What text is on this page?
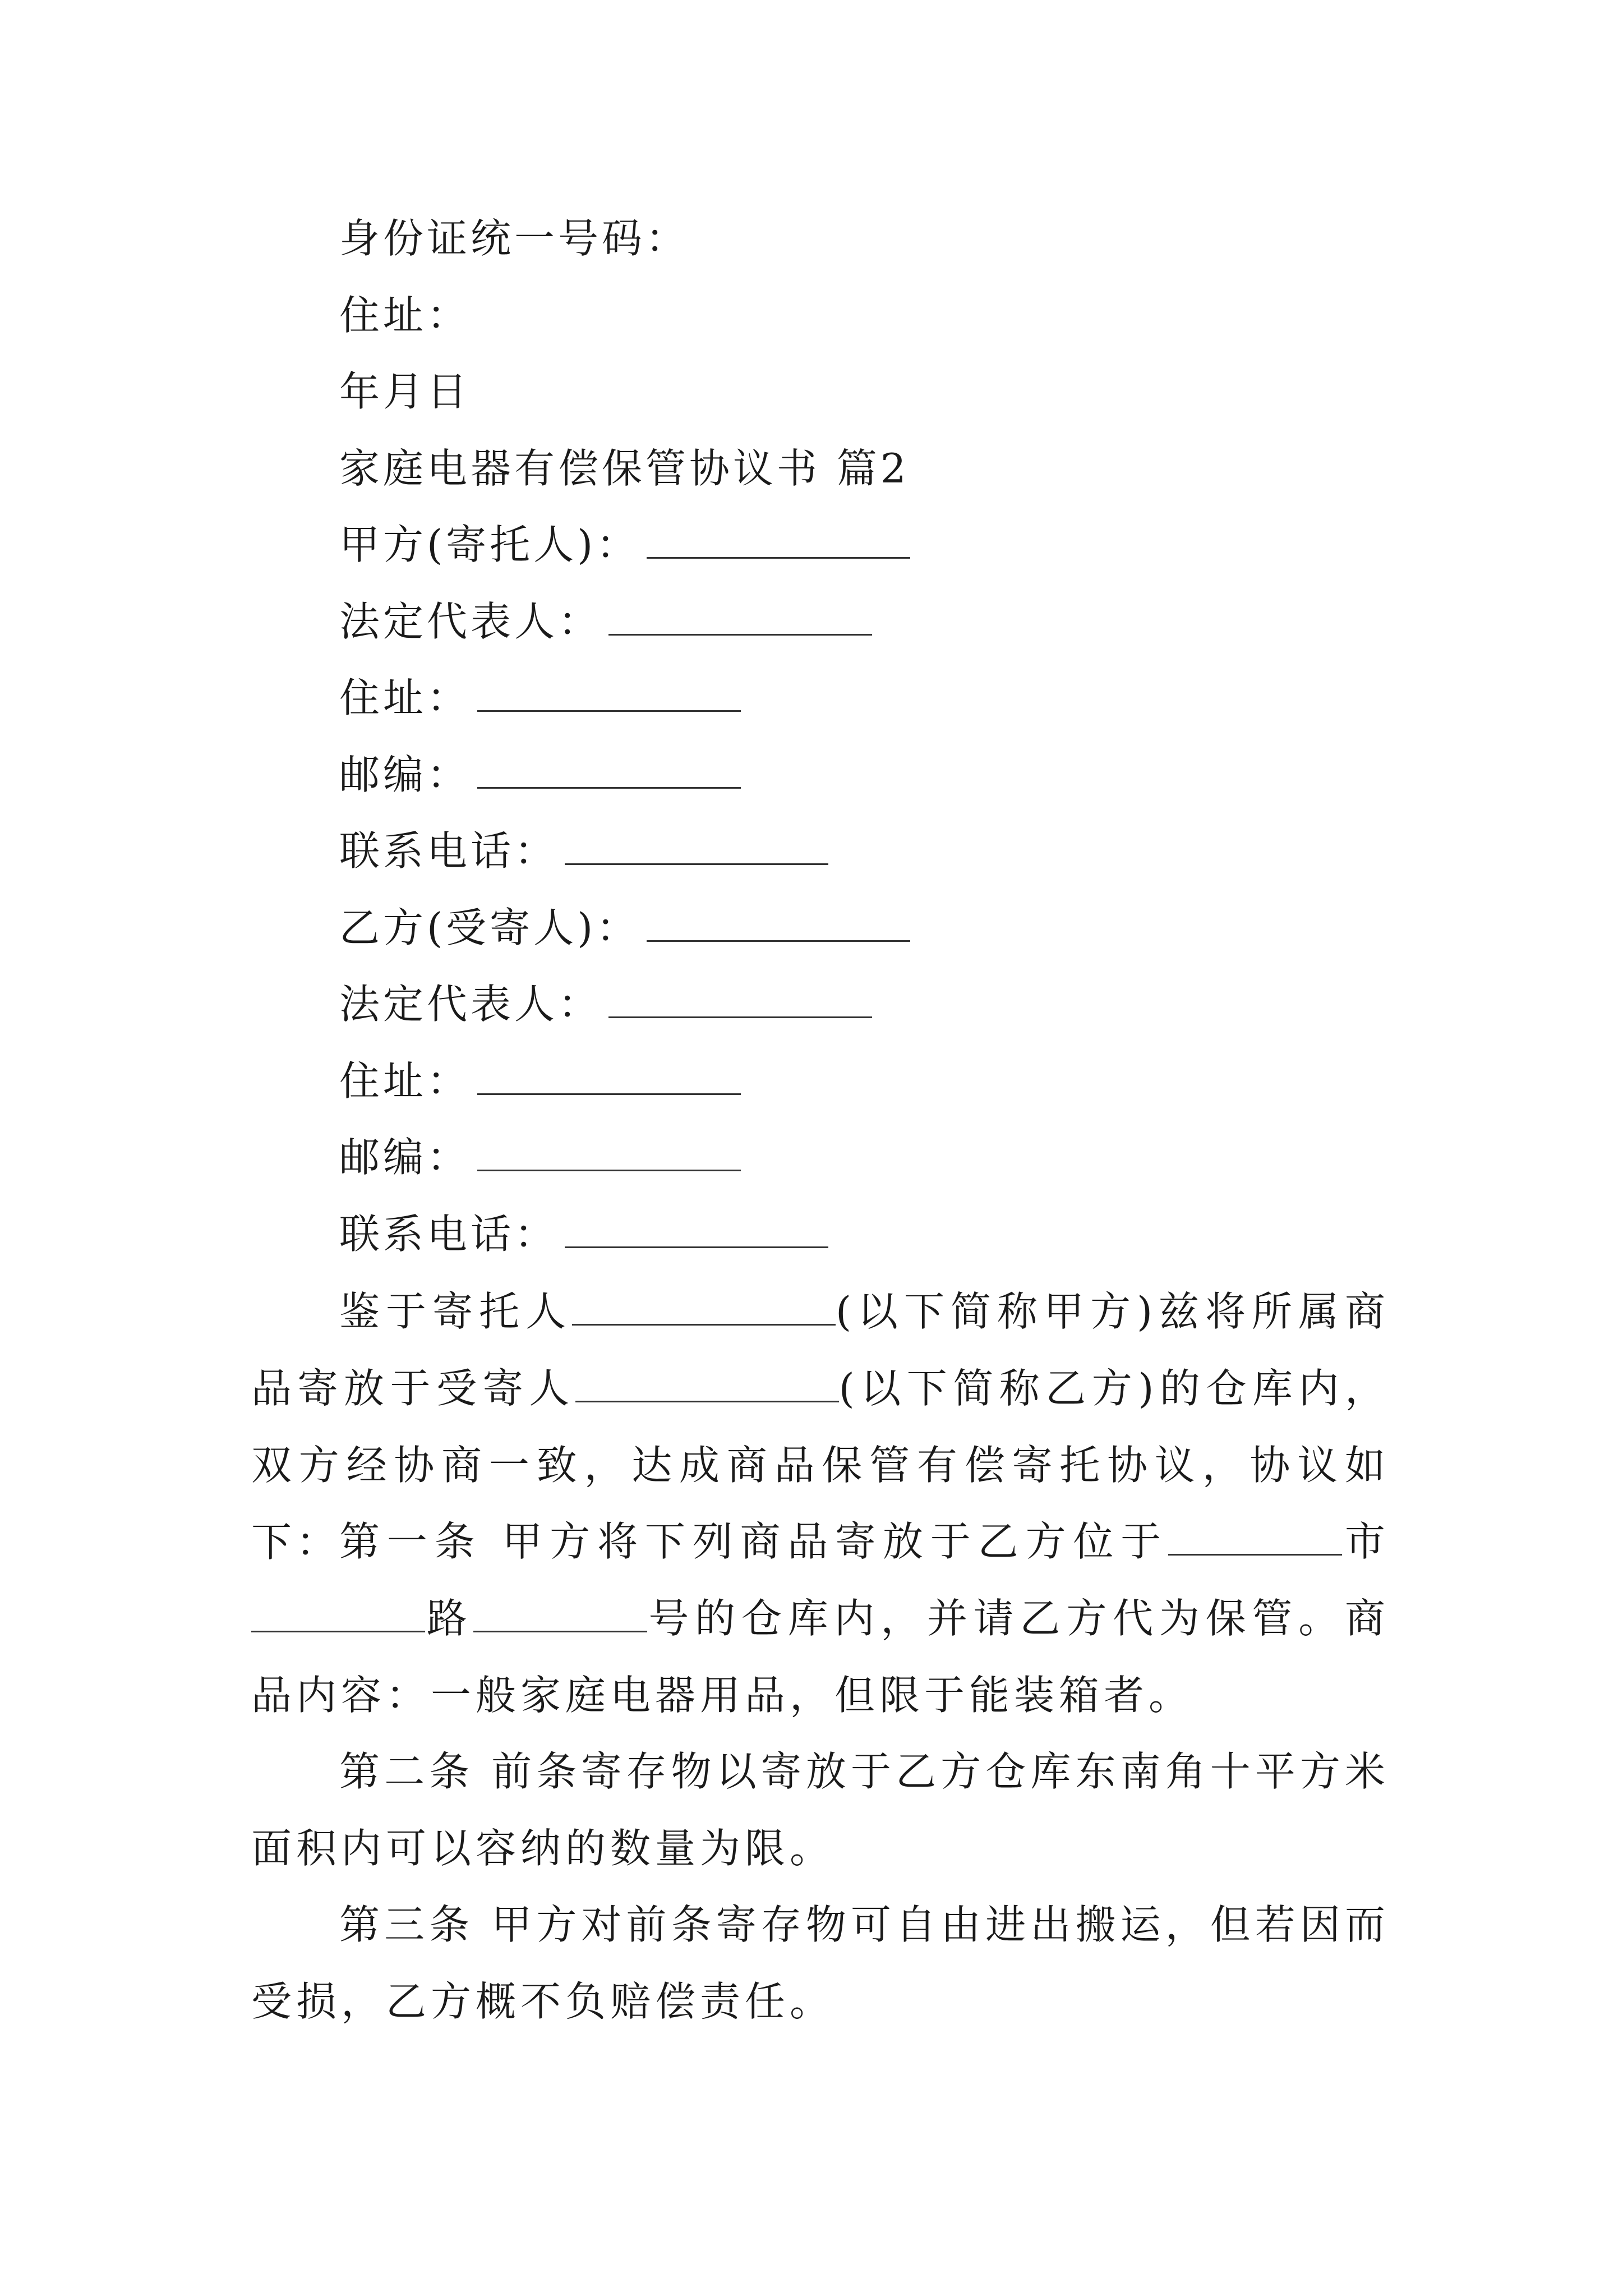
身份证统一号码：
住址：
年月日
家庭电器有偿保管协议书 篇2
甲方(寄托人)：
法定代表人：
住址：
邮编：
联系电话：
乙方(受寄人)：
法定代表人：
住址：
邮编：
联系电话：
鉴于寄托人	(以下简称甲方)兹将所属商品寄放于受寄人	(以下简称乙方)的仓库内，双方经协商一致，达成商品保管有偿寄托协议，协议如下：
第一条 甲方将下列商品寄放于乙方位于	市路	号的仓库内，并请乙方代为保管。商品内容：一般家庭电器用品，但限于能装箱者。
第二条 前条寄存物以寄放于乙方仓库东南角十平方米面积内可以容纳的数量为限。
第三条 甲方对前条寄存物可自由进出搬运，但若因而受损，乙方概不负赔偿责任。
